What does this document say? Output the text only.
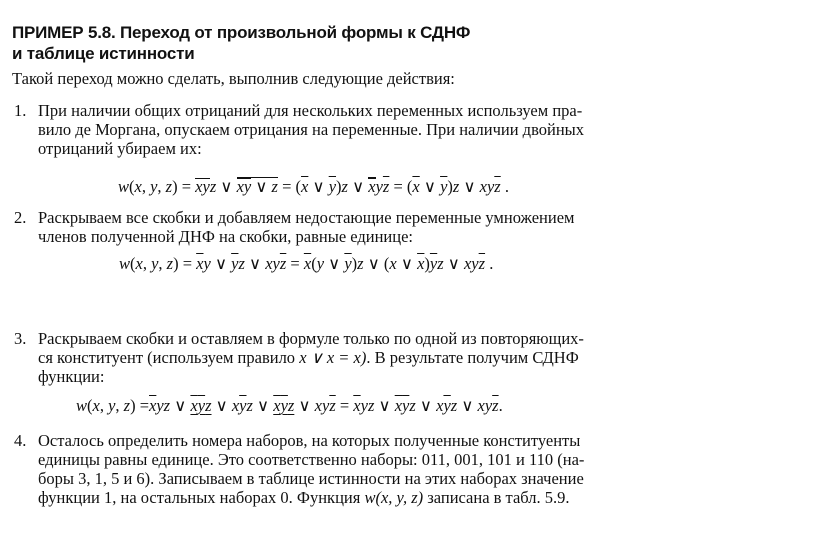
ПРИМЕР 5.8. Переход от произвольной формы к СДНФ
и таблице истинности
Такой переход можно сделать, выполнив следующие действия:
1. При наличии общих отрицаний для нескольких переменных используем пра-
вило де Моргана, опускаем отрицания на переменные. При наличии двойных
отрицаний убираем их:
w(x, y, z) = xyz ∨ xy ∨ $z = (\overline{x}$ ∨ $\overline{y})z$ ∨ $xy\overline{z} = (\overline{x}$ ∨ $\overline{y})z$ ∨ $xy\overline{z}$ .
2. Раскрываем все скобки и добавляем недостающие переменные умножением
членов полученной ДНФ на скобки, равные единице:
w(x, y, $z) = \overline{x}y$ ∨ $\overline{y}z$ ∨ $xy\overline{z} = \overline{x}(y$ ∨ $\overline{y})z$ ∨ (x ∨ $\overline{x})\overline{y}z$ ∨ $xy\overline{z}$ .
3. Раскрываем скобки и оставляем в формуле только по одной из повторяющих-
ся конституент (используем правило x ∨ x = x). В результате получим СДНФ
функции:
w(x, y, $z) =\overline{x}yz$ ∨ xyz ∨ $x\overline{y}z$ ∨ xyz ∨ $xy\overline{z} = \overline{x}yz$ ∨ $\overline{x}\overline{y}z$ ∨ $x\overline{y}z$ ∨ $xy\overline{z}$.
4. Осталось определить номера наборов, на которых полученные конституенты
единицы равны единице. Это соответственно наборы: 011, 001, 101 и 110 (на-
боры 3, 1, 5 и 6). Записываем в таблице истинности на этих наборах значение
функции 1, на остальных наборах 0. Функция w(x, y, z) записана в табл. 5.9.
